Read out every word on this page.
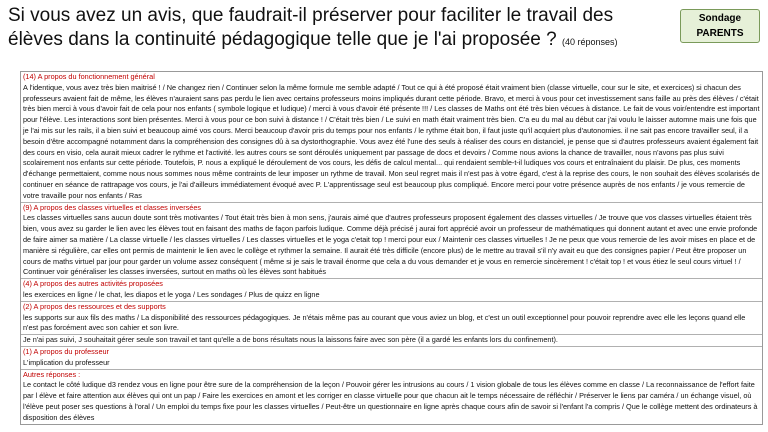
Si vous avez un avis, que faudrait-il préserver pour faciliter le travail des élèves dans la continuité pédagogique telle que je l'ai proposée ? (40 réponses)
Sondage
PARENTS
(14) A propos du fonctionnement général
A l'identique, vous avez très bien maitrisé ! / Ne changez rien / Continuer selon la même formule me semble adapté / Tout ce qui à été proposé était vraiment bien (classe virtuelle, cour sur le site, et exercices) si chacun des professeurs avaient fait de même, les élèves n'auraient sans pas perdu le lien avec certains professeurs moins impliqués durant cette période. Bravo, et merci à vous pour cet investissement sans faille au près des élèves / c'était très bien merci à vous d'avoir fait de cela pour nos enfants ( symbole logique et ludique) / merci à vous d'avoir été présente !!! / Les classes de Maths ont été très bien vécues à distance. Le fait de vous voir/entendre est important pour l'élève. Les interactions sont bien présentes. Merci à vous pour ce bon suivi à distance ! / C'était très bien / Le suivi en math était vraiment très bien. C'a eu du mal au début car j'ai voulu le laisser automne mais une fois que je l'ai mis sur les rails, il a bien suivi et beaucoup aimé vos cours. Merci beaucoup d'avoir pris du temps pour nos enfants / le rythme était bon, il faut juste qu'il acquiert plus d'autonomies. il ne sait pas encore travailler seul, il a besoin d'être accompagné notamment dans la compréhension des consignes dû à sa dystorthographie. Vous avez été l'une des seuls à réaliser des cours en distanciel, je pense que si d'autres professeurs avaient également fait des cours en visio, cela aurait mieux cadrer le rythme et l'activité. les autres cours se sont déroulés uniquement par passage de docs et devoirs / Comme nous avions la chance de travailler, nous n'avons pas plus suivi scolairement nos enfants sur cette période. Toutefois, P. nous a expliqué le déroulement de vos cours, les défis de calcul mental... qui rendaient semble-t-il ludiques vos cours et entraînaient du plaisir. De plus, ces moments d'échange permettaient, comme nous nous sommes nous même contraints de leur imposer un rythme de travail. Mon seul regret mais il n'est pas à votre égard, c'est à la reprise des cours, le non souhait des élèves scolarisés de continuer en séance de rattrapage vos cours, je l'ai d'ailleurs immédiatement évoqué avec P. L'apprentissage seul est beaucoup plus compliqué. Encore merci pour votre présence auprès de nos enfants / je vous remercie de votre travaille pour nos enfants / Ras
(9) A propos des classes virtuelles et classes inversées
Les classes virtuelles sans aucun doute sont très motivantes / Tout était très bien à mon sens, j'aurais aimé que d'autres professeurs proposent également des classes virtuelles / Je trouve que vos classes virtuelles étaient très bien, vous avez su garder le lien avec les élèves tout en faisant des maths de façon parfois ludique. Comme déjà précisé j aurai fort apprécié avoir un professeur de mathématiques qui donnent autant et avec une envie profonde de faire aimer sa matière / La classe virtuelle / les classes virtuelles / Les classes virtuelles et le yoga c'etait top ! merci pour eux / Maintenir ces classes virtuelles ! Je ne peux que vous remercie de les avoir mises en place et de manière si régulière, car elles ont permis de maintenir le lien avec le collège et rythmer la semaine. Il aurait été très difficile (encore plus) de le mettre au travail s'il n'y avait eu que des consignes papier / Peut être proposer un cours de maths virtuel par jour pour garder un volume assez conséquent ( même si je sais le travail énorme que cela a du vous demander et je vous en remercie sincèrement ! c'était top ! et vous étiez le seul cours virtuel ! / Continuer voir généraliser les classes inversées, surtout en maths où les élèves sont habitués
(4) A propos des autres activités proposées
les exercices en ligne / le chat, les diapos et le yoga / Les sondages / Plus de quizz en ligne
(2) A propos des ressources et des supports
les supports sur aux fils des maths / La disponibilité des ressources pédagogiques. Je n'étais même pas au courant que vous aviez un blog, et c'est un outil exceptionnel pour pouvoir reprendre avec elle les leçons quand elle n'est pas forcément avec son cahier et son livre.
Je n'ai pas suivi, J souhaitait gérer seule son travail et tant qu'elle a de bons résultats nous la laissons faire avec son père (il a gardé les enfants lors du confinement).
(1) A propos du professeur
L'implication du professeur
Autres réponses :
Le contact le côté ludique d3 rendez vous en ligne pour être sure de la compréhension de la leçon / Pouvoir gérer les intrusions au cours / 1 vision globale de tous les élèves comme en classe / La reconnaissance de l'effort faite par l élève et faire attention aux élèves qui ont un pap / Faire les exercices en amont et les corriger en classe virtuelle pour que chacun ait le temps nécessaire de réfléchir / Préserver le liens par caméra / un échange visuel, où l'élève peut poser ses questions à l'oral / Un emploi du temps fixe pour les classes virtuelles / Peut-être un questionnaire en ligne après chaque cours afin de savoir si l'enfant l'a compris / Que le collège mettent des ordinateurs à disposition des élèves
